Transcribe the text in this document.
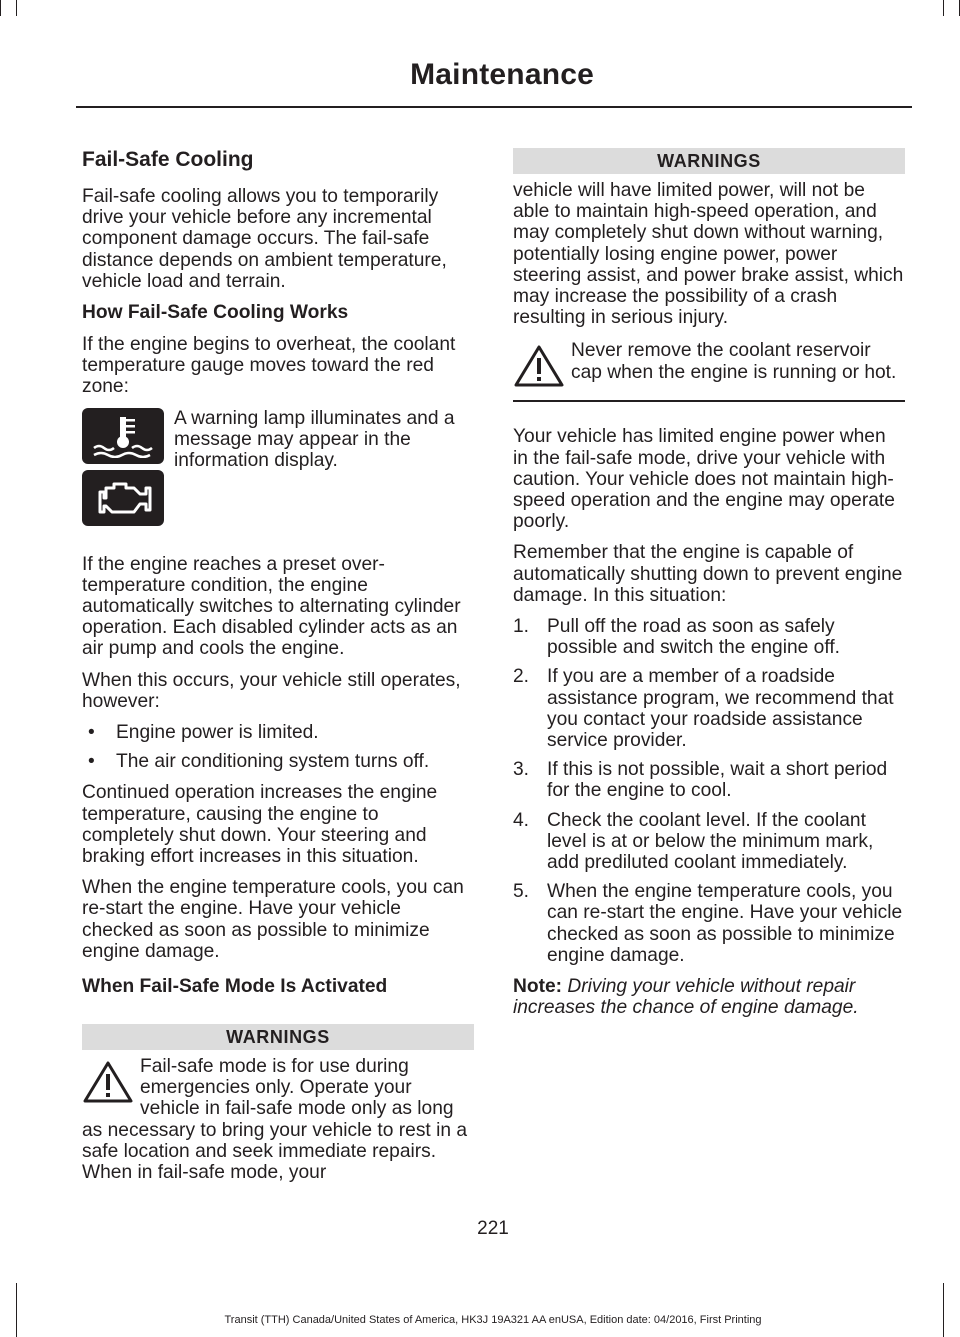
Maintenance
Fail-Safe Cooling

Fail-safe cooling allows you to temporarily drive your vehicle before any incremental component damage occurs. The fail-safe distance depends on ambient temperature, vehicle load and terrain.

How Fail-Safe Cooling Works

If the engine begins to overheat, the coolant temperature gauge moves toward the red zone:

A warning lamp illuminates and a message may appear in the information display.

If the engine reaches a preset over-temperature condition, the engine automatically switches to alternating cylinder operation. Each disabled cylinder acts as an air pump and cools the engine.

When this occurs, your vehicle still operates, however:

• Engine power is limited.
• The air conditioning system turns off.

Continued operation increases the engine temperature, causing the engine to completely shut down. Your steering and braking effort increases in this situation.

When the engine temperature cools, you can re-start the engine. Have your vehicle checked as soon as possible to minimize engine damage.

When Fail-Safe Mode Is Activated
WARNINGS
Fail-safe mode is for use during emergencies only. Operate your vehicle in fail-safe mode only as long as necessary to bring your vehicle to rest in a safe location and seek immediate repairs. When in fail-safe mode, your
WARNINGS

vehicle will have limited power, will not be able to maintain high-speed operation, and may completely shut down without warning, potentially losing engine power, power steering assist, and power brake assist, which may increase the possibility of a crash resulting in serious injury.

Never remove the coolant reservoir cap when the engine is running or hot.

Your vehicle has limited engine power when in the fail-safe mode, drive your vehicle with caution. Your vehicle does not maintain high-speed operation and the engine may operate poorly.

Remember that the engine is capable of automatically shutting down to prevent engine damage. In this situation:

1. Pull off the road as soon as safely possible and switch the engine off.
2. If you are a member of a roadside assistance program, we recommend that you contact your roadside assistance service provider.
3. If this is not possible, wait a short period for the engine to cool.
4. Check the coolant level. If the coolant level is at or below the minimum mark, add prediluted coolant immediately.
5. When the engine temperature cools, you can re-start the engine. Have your vehicle checked as soon as possible to minimize engine damage.

Note: Driving your vehicle without repair increases the chance of engine damage.

221
Transit (TTH) Canada/United States of America, HK3J 19A321 AA enUSA, Edition date: 04/2016, First Printing
